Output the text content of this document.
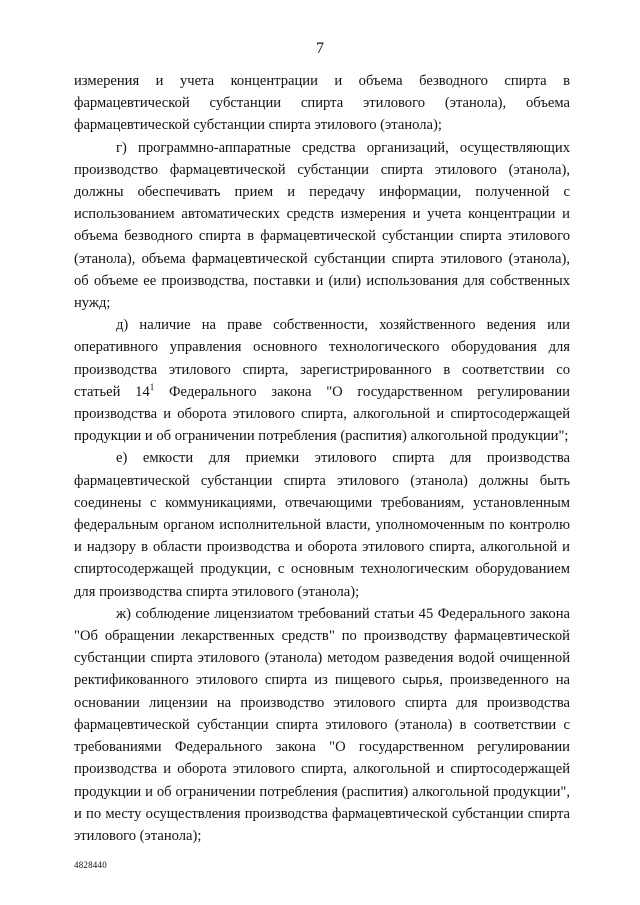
7

измерения и учета концентрации и объема безводного спирта в фармацевтической субстанции спирта этилового (этанола), объема фармацевтической субстанции спирта этилового (этанола);

г) программно-аппаратные средства организаций, осуществляющих производство фармацевтической субстанции спирта этилового (этанола), должны обеспечивать прием и передачу информации, полученной с использованием автоматических средств измерения и учета концентрации и объема безводного спирта в фармацевтической субстанции спирта этилового (этанола), объема фармацевтической субстанции спирта этилового (этанола), об объеме ее производства, поставки и (или) использования для собственных нужд;

д) наличие на праве собственности, хозяйственного ведения или оперативного управления основного технологического оборудования для производства этилового спирта, зарегистрированного в соответствии со статьей $14^1$ Федерального закона "О государственном регулировании производства и оборота этилового спирта, алкогольной и спиртосодержащей продукции и об ограничении потребления (распития) алкогольной продукции";

е) емкости для приемки этилового спирта для производства фармацевтической субстанции спирта этилового (этанола) должны быть соединены с коммуникациями, отвечающими требованиям, установленным федеральным органом исполнительной власти, уполномоченным по контролю и надзору в области производства и оборота этилового спирта, алкогольной и спиртосодержащей продукции, с основным технологическим оборудованием для производства спирта этилового (этанола);

ж) соблюдение лицензиатом требований статьи 45 Федерального закона "Об обращении лекарственных средств" по производству фармацевтической субстанции спирта этилового (этанола) методом разведения водой очищенной ректификованного этилового спирта из пищевого сырья, произведенного на основании лицензии на производство этилового спирта для производства фармацевтической субстанции спирта этилового (этанола) в соответствии с требованиями Федерального закона "О государственном регулировании производства и оборота этилового спирта, алкогольной и спиртосодержащей продукции и об ограничении потребления (распития) алкогольной продукции", и по месту осуществления производства фармацевтической субстанции спирта этилового (этанола);

4828440
